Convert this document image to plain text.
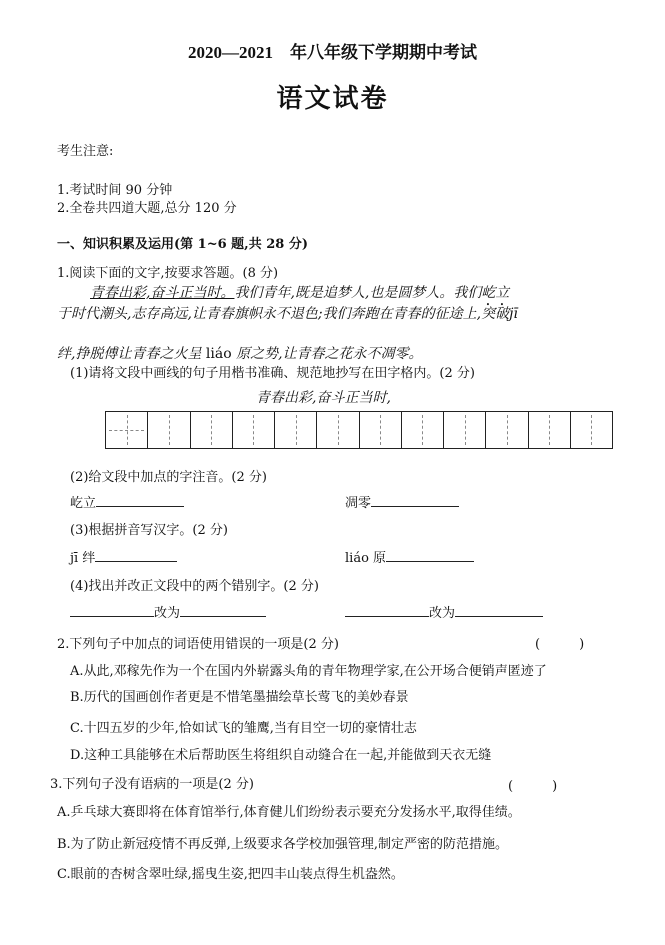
2020—2021　年八年级下学期期中考试
语文试卷
考生注意:
1.考试时间 90 分钟
2.全卷共四道大题,总分 120 分
一、知识积累及运用(第 1~6 题,共 28 分)
1.阅读下面的文字,按要求答题。(8 分)
青春出彩,奋斗正当时。我们青年,既是追梦人,也是圆梦人。我们屹立
于时代潮头,志存高远,让青春旗帜永不退色;我们奔跑在青春的征途上,突破jī
绊,挣脱傅让青春之火呈 liáo 原之势,让青春之花永不凋零。
(1)请将文段中画线的句子用楷书准确、规范地抄写在田字格内。(2 分)
青春出彩,奋斗正当时,
(2)给文段中加点的字注音。(2 分)
屹立	凋零
(3)根据拼音写汉字。(2 分)
jī 绊	liáo 原
(4)找出并改正文段中的两个错别字。(2 分)
改为	改为
2.下列句子中加点的词语使用错误的一项是(2 分)	(　　　)
A.从此,邓稼先作为一个在国内外崭露头角的青年物理学家,在公开场合便销声匿迹了
B.历代的国画创作者更是不惜笔墨描绘草长莺飞的美妙春景
C.十四五岁的少年,恰如试飞的雏鹰,当有目空一切的豪情壮志
D.这种工具能够在术后帮助医生将组织自动缝合在一起,并能做到天衣无缝
3.下列句子没有语病的一项是(2 分)	(　　　)
A.乒乓球大赛即将在体育馆举行,体育健儿们纷纷表示要充分发扬水平,取得佳绩。
B.为了防止新冠疫情不再反弹,上级要求各学校加强管理,制定严密的防范措施。
C.眼前的杏树含翠吐绿,摇曳生姿,把四丰山装点得生机盎然。
